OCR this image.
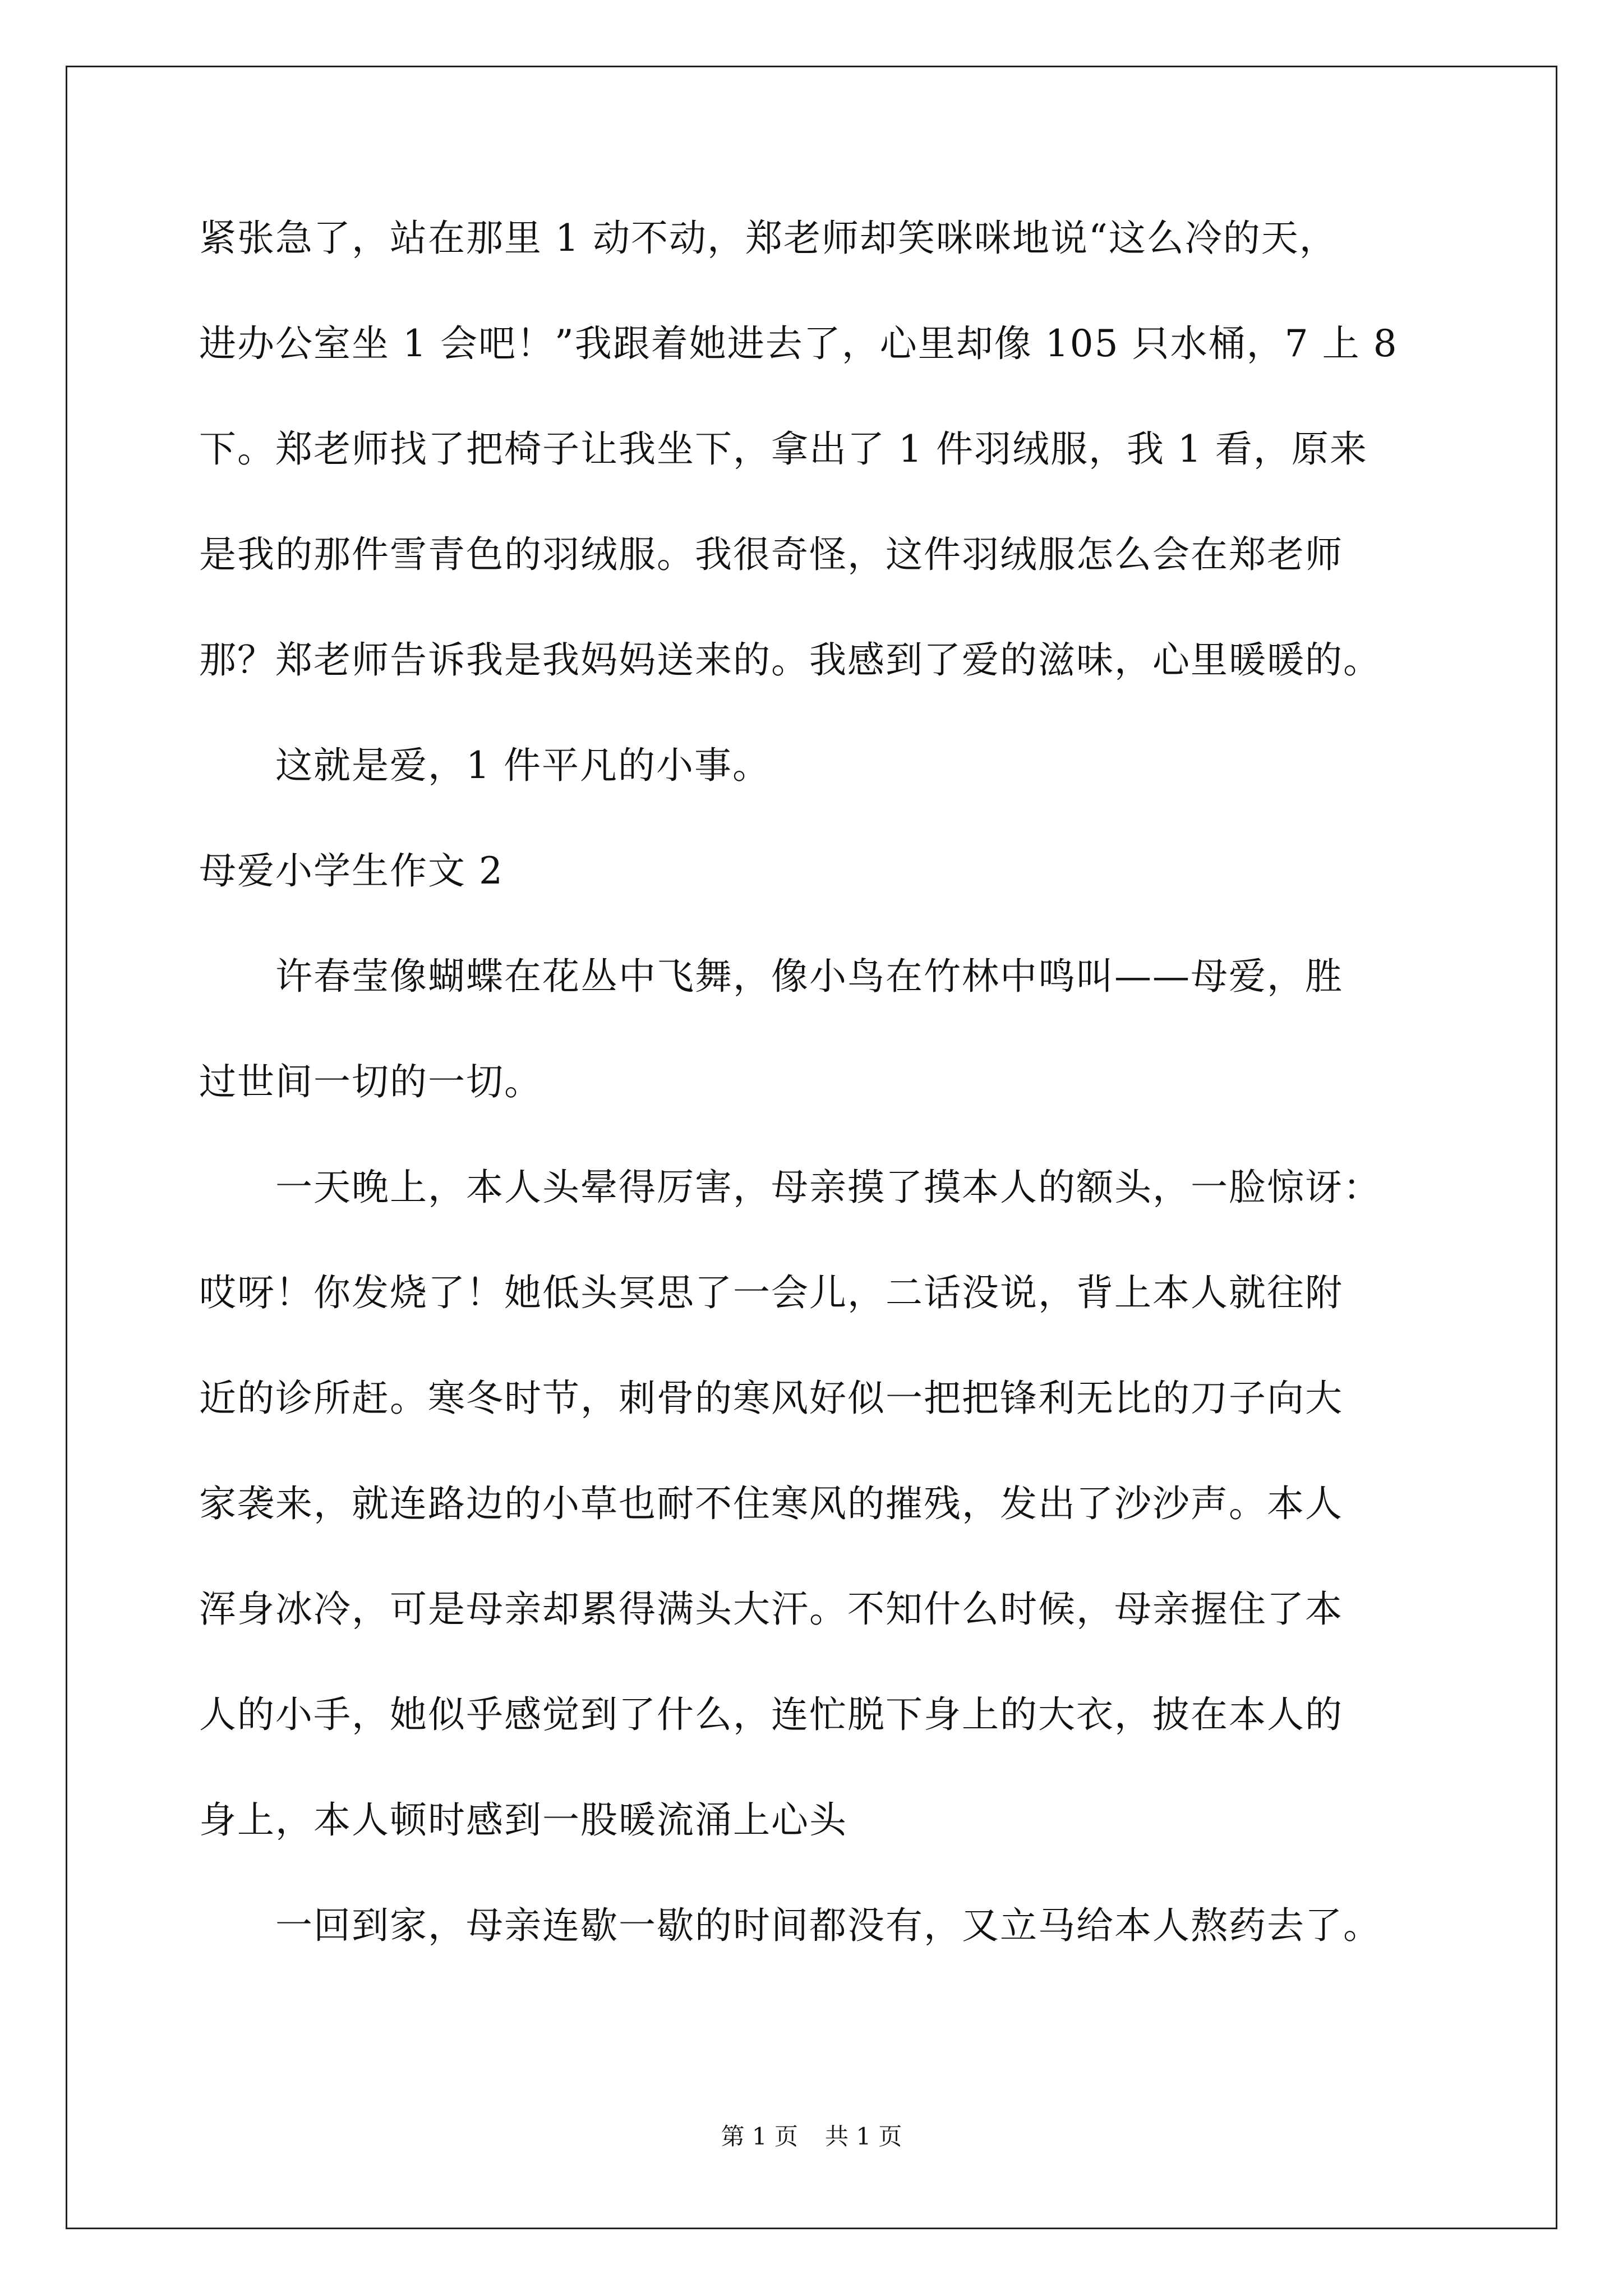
紧张急了，站在那里 1 动不动，郑老师却笑咪咪地说“这么冷的天，
进办公室坐 1 会吧！”我跟着她进去了，心里却像 105 只水桶，7 上 8
下。郑老师找了把椅子让我坐下，拿出了 1 件羽绒服，我 1 看，原来
是我的那件雪青色的羽绒服。我很奇怪，这件羽绒服怎么会在郑老师
那？郑老师告诉我是我妈妈送来的。我感到了爱的滋味，心里暖暖的。
　　这就是爱，1 件平凡的小事。
母爱小学生作文 2
　　许春莹像蝴蝶在花丛中飞舞，像小鸟在竹林中鸣叫——母爱，胜
过世间一切的一切。
　　一天晚上，本人头晕得厉害，母亲摸了摸本人的额头，一脸惊讶：
哎呀！你发烧了！她低头冥思了一会儿，二话没说，背上本人就往附
近的诊所赶。寒冬时节，刺骨的寒风好似一把把锋利无比的刀子向大
家袭来，就连路边的小草也耐不住寒风的摧残，发出了沙沙声。本人
浑身冰冷，可是母亲却累得满头大汗。不知什么时候，母亲握住了本
人的小手，她似乎感觉到了什么，连忙脱下身上的大衣，披在本人的
身上，本人顿时感到一股暖流涌上心头
　　一回到家，母亲连歇一歇的时间都没有，又立马给本人熬药去了。
第 1 页 共 1 页
